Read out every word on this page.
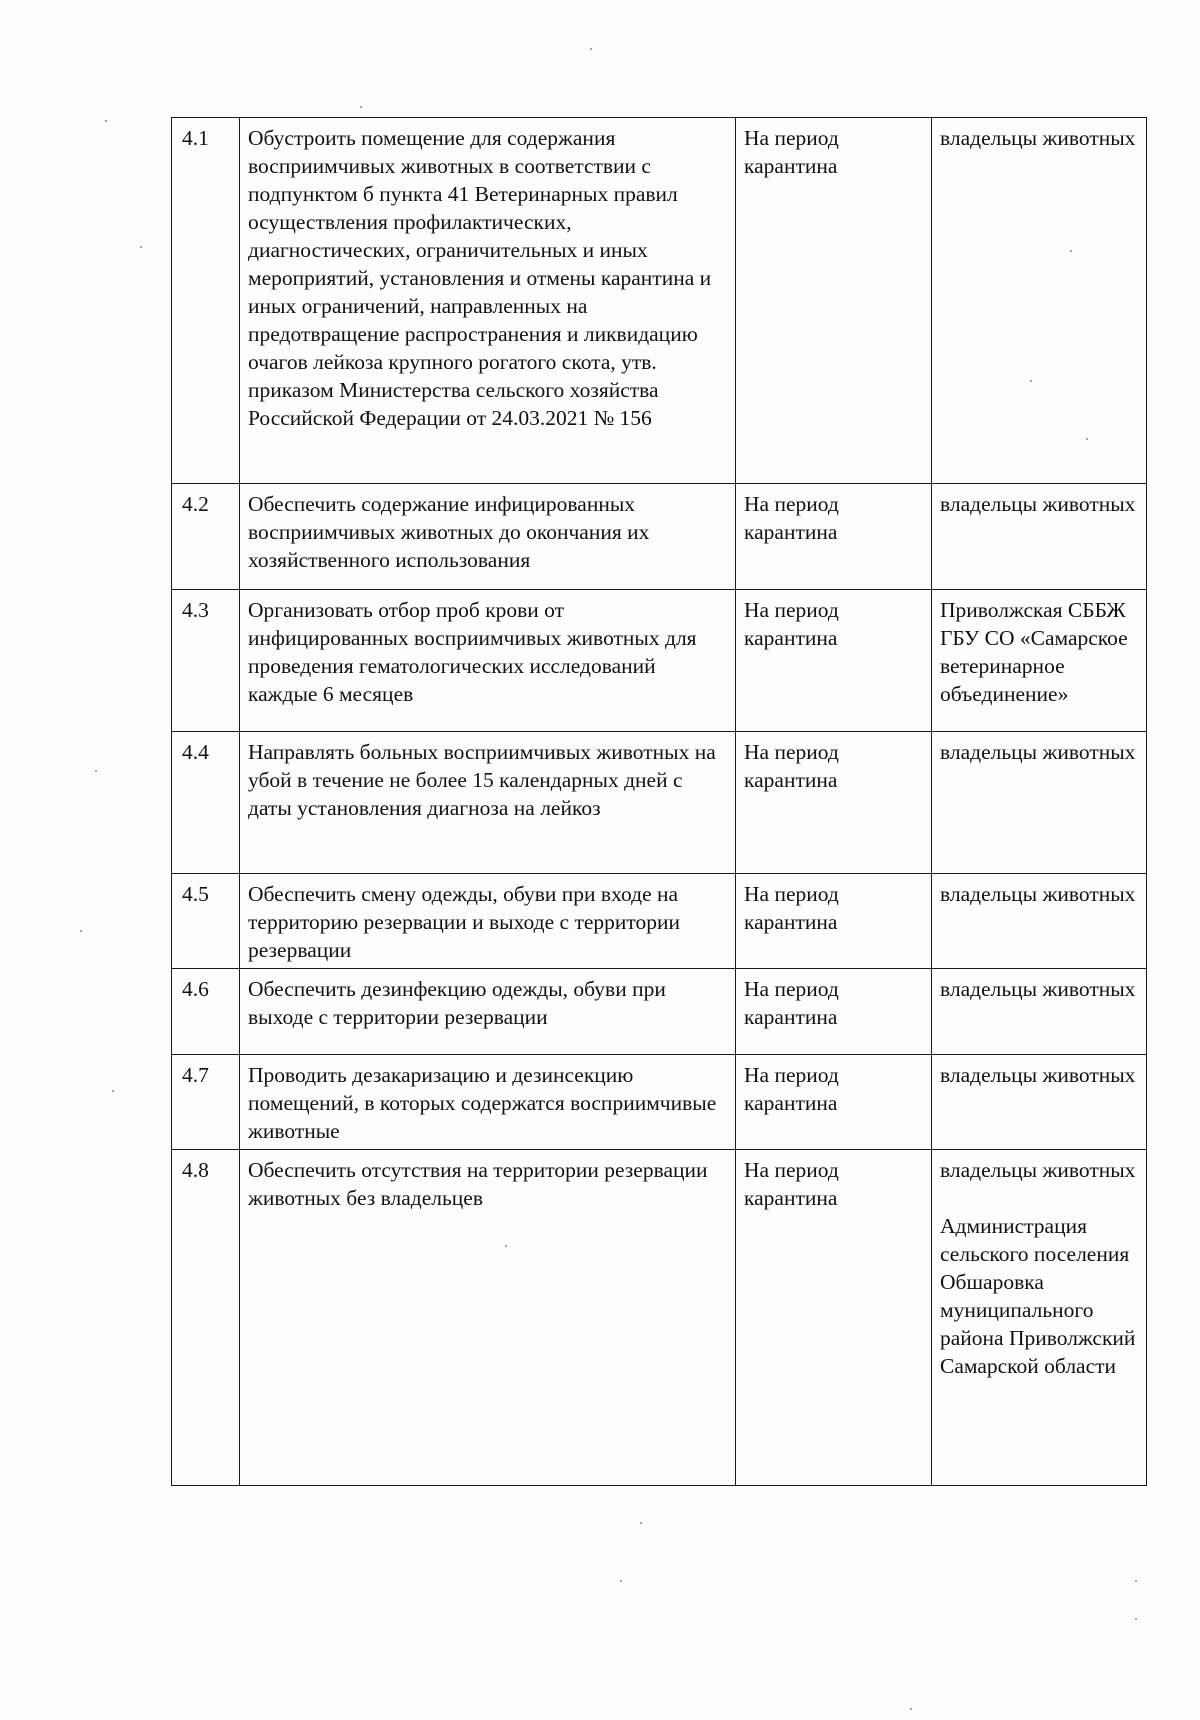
4.1	Обустроить помещение для содержания восприимчивых животных в соответствии с подпунктом б пункта 41 Ветеринарных правил осуществления профилактических, диагностических, ограничительных и иных мероприятий, установления и отмены карантина и иных ограничений, направленных на предотвращение распространения и ликвидацию очагов лейкоза крупного рогатого скота, утв. приказом Министерства сельского хозяйства Российской Федерации от 24.03.2021 № 156	На период карантина	владельцы животных

4.2	Обеспечить содержание инфицированных восприимчивых животных до окончания их хозяйственного использования	На период карантина	владельцы животных

4.3	Организовать отбор проб крови от инфицированных восприимчивых животных для проведения гематологических исследований каждые 6 месяцев	На период карантина	Приволжская СББЖ ГБУ СО «Самарское ветеринарное объединение»

4.4	Направлять больных восприимчивых животных на убой в течение не более 15 календарных дней с даты установления диагноза на лейкоз	На период карантина	владельцы животных

4.5	Обеспечить смену одежды, обуви при входе на территорию резервации и выходе с территории резервации	На период карантина	владельцы животных

4.6	Обеспечить дезинфекцию одежды, обуви при выходе с территории резервации	На период карантина	владельцы животных

4.7	Проводить дезакаризацию и дезинсекцию помещений, в которых содержатся восприимчивые животные	На период карантина	владельцы животных

4.8	Обеспечить отсутствия на территории резервации животных без владельцев	На период карантина	владельцы животных
Администрация сельского поселения Обшаровка муниципального района Приволжский Самарской области
